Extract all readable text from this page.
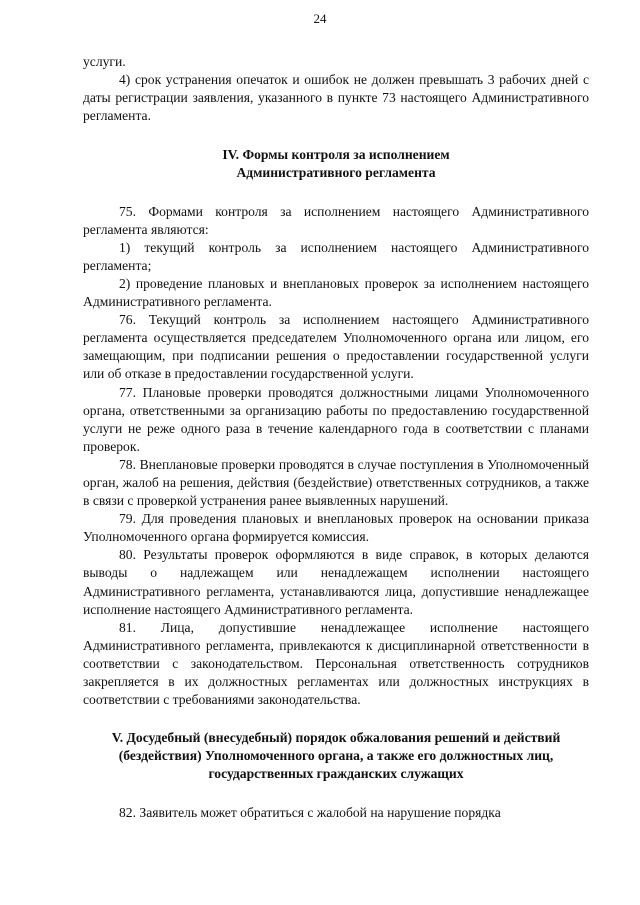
24

услуги.

4) срок устранения опечаток и ошибок не должен превышать 3 рабочих дней с даты регистрации заявления, указанного в пункте 73 настоящего Административного регламента.

IV. Формы контроля за исполнением
Административного регламента

75. Формами контроля за исполнением настоящего Административного регламента являются:

1) текущий контроль за исполнением настоящего Административного регламента;

2) проведение плановых и внеплановых проверок за исполнением настоящего Административного регламента.

76. Текущий контроль за исполнением настоящего Административного регламента осуществляется председателем Уполномоченного органа или лицом, его замещающим, при подписании решения о предоставлении государственной услуги или об отказе в предоставлении государственной услуги.

77. Плановые проверки проводятся должностными лицами Уполномоченного органа, ответственными за организацию работы по предоставлению государственной услуги не реже одного раза в течение календарного года в соответствии с планами проверок.

78. Внеплановые проверки проводятся в случае поступления в Уполномоченный орган, жалоб на решения, действия (бездействие) ответственных сотрудников, а также в связи с проверкой устранения ранее выявленных нарушений.

79. Для проведения плановых и внеплановых проверок на основании приказа Уполномоченного органа формируется комиссия.

80. Результаты проверок оформляются в виде справок, в которых делаются выводы о надлежащем или ненадлежащем исполнении настоящего Административного регламента, устанавливаются лица, допустившие ненадлежащее исполнение настоящего Административного регламента.

81. Лица, допустившие ненадлежащее исполнение настоящего Административного регламента, привлекаются к дисциплинарной ответственности в соответствии с законодательством. Персональная ответственность сотрудников закрепляется в их должностных регламентах или должностных инструкциях в соответствии с требованиями законодательства.

V. Досудебный (внесудебный) порядок обжалования решений и действий
(бездействия) Уполномоченного органа, а также его должностных лиц,
государственных гражданских служащих

82. Заявитель может обратиться с жалобой на нарушение порядка
